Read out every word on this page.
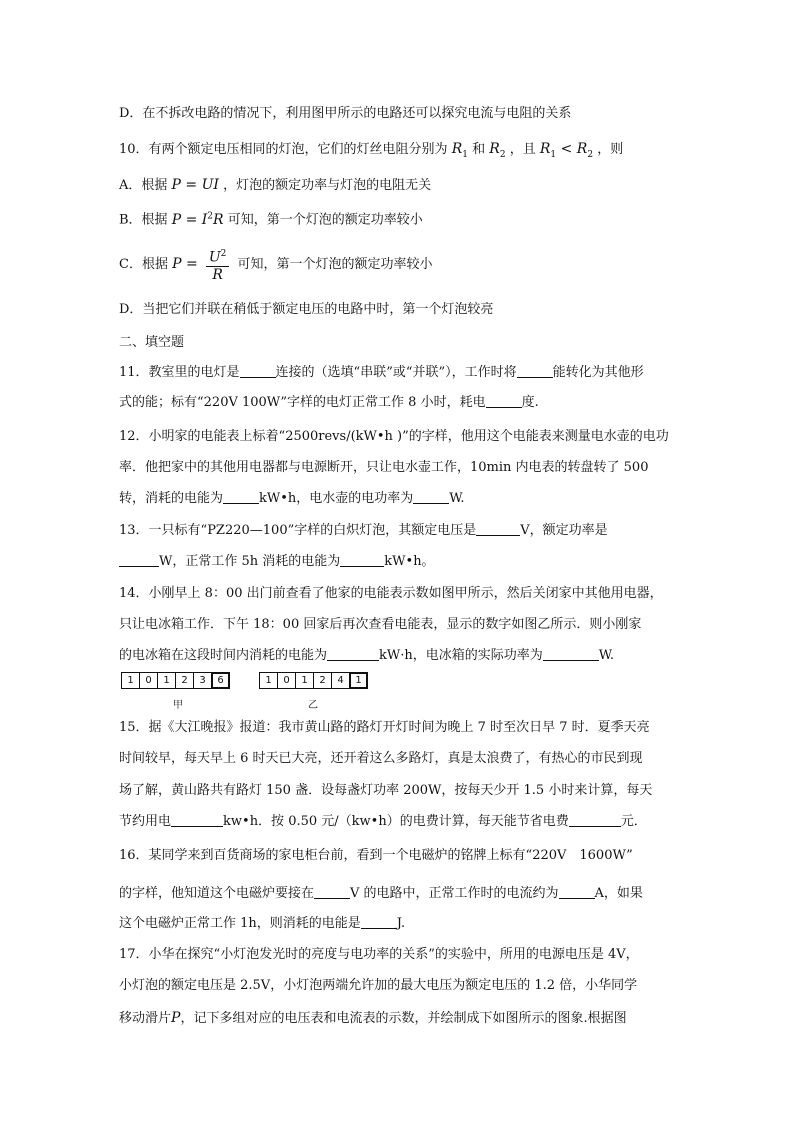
D．在不拆改电路的情况下，利用图甲所示的电路还可以探究电流与电阻的关系
10．有两个额定电压相同的灯泡，它们的灯丝电阻分别为 $R_1$ 和 $R_2$ ，且 $R_1 < R_2$ ，则
A．根据 P = UI ，灯泡的额定功率与灯泡的电阻无关
B．根据 $P = I^2R$ 可知，第一个灯泡的额定功率较小
C．根据 $P = \frac{U^2}{R}$ 可知，第一个灯泡的额定功率较小
D．当把它们并联在稍低于额定电压的电路中时，第一个灯泡较亮
二、填空题
11．教室里的电灯是	连接的（选填“串联”或“并联”），工作时将	能转化为其他形
式的能；标有“220V 100W”字样的电灯正常工作 8 小时，耗电	度.
12．小明家的电能表上标着“2500revs/(kW•h )”的字样，他用这个电能表来测量电水壶的电功
率．他把家中的其他用电器都与电源断开，只让电水壶工作，10min 内电表的转盘转了 500
转，消耗的电能为	kW•h，电水壶的电功率为	W.
13．一只标有“PZ220—100”字样的白炽灯泡，其额定电压是	V，额定功率是
W，正常工作 5h 消耗的电能为	kW•h。
14．小刚早上 8：00 出门前查看了他家的电能表示数如图甲所示，然后关闭家中其他用电器，
只让电冰箱工作．下午 18：00 回家后再次查看电能表，显示的数字如图乙所示．则小刚家
的电冰箱在这段时间内消耗的电能为	kW·h，电冰箱的实际功率为	W.
1	0	1	2	3	6
甲
1	0	1	2	4	1
乙
15．据《大江晚报》报道：我市黄山路的路灯开灯时间为晚上 7 时至次日早 7 时．夏季天亮
时间较早，每天早上 6 时天已大亮，还开着这么多路灯，真是太浪费了，有热心的市民到现
场了解，黄山路共有路灯 150 盏．设每盏灯功率 200W，按每天少开 1.5 小时来计算，每天
节约用电	kw•h．按 0.50 元/（kw•h）的电费计算，每天能节省电费	元．
16．某同学来到百货商场的家电柜台前，看到一个电磁炉的铭牌上标有“220V　1600W”
的字样，他知道这个电磁炉要接在	V 的电路中，正常工作时的电流约为	A，如果
这个电磁炉正常工作 1h，则消耗的电能是	J.
17．小华在探究“小灯泡发光时的亮度与电功率的关系”的实验中，所用的电源电压是 4V，
小灯泡的额定电压是 2.5V，小灯泡两端允许加的最大电压为额定电压的 1.2 倍，小华同学
移动滑片P，记下多组对应的电压表和电流表的示数，并绘制成下如图所示的图象.根据图
